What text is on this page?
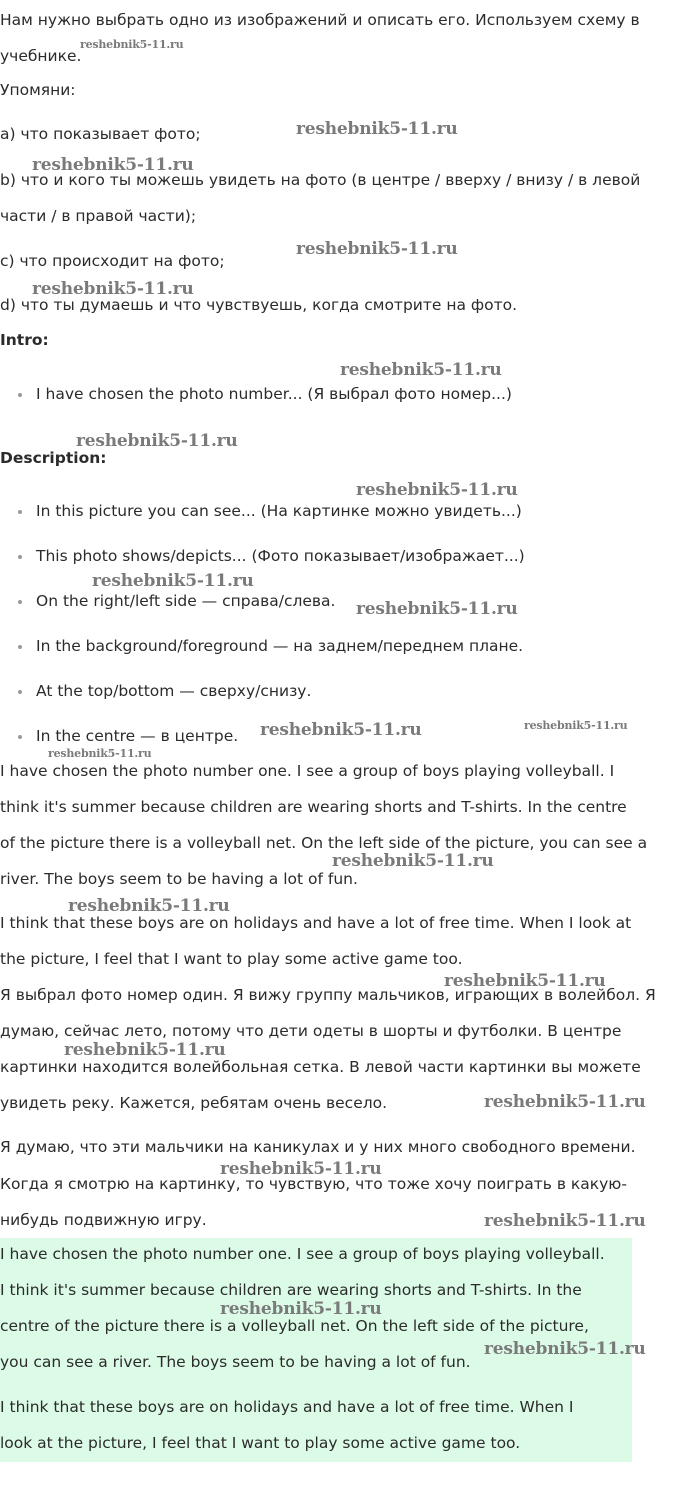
Нам нужно выбрать одно из изображений и описать его. Используем схему в
учебнике.
Упомяни:
a) что показывает фото;
b) что и кого ты можешь увидеть на фото (в центре / вверху / внизу / в левой
части / в правой части);
c) что происходит на фото;
d) что ты думаешь и что чувствуешь, когда смотрите на фото.
Intro:
I have chosen the photo number... (Я выбрал фото номер...)
Description:
In this picture you can see... (На картинке можно увидеть...)
This photo shows/depicts... (Фото показывает/изображает...)
On the right/left side — справа/слева.
In the background/foreground — на заднем/переднем плане.
At the top/bottom — сверху/снизу.
In the centre — в центре.
I have chosen the photo number one. I see a group of boys playing volleyball. I
think it's summer because children are wearing shorts and T-shirts. In the centre
of the picture there is a volleyball net. On the left side of the picture, you can see a
river. The boys seem to be having a lot of fun.
I think that these boys are on holidays and have a lot of free time. When I look at
the picture, I feel that I want to play some active game too.
Я выбрал фото номер один. Я вижу группу мальчиков, играющих в волейбол. Я
думаю, сейчас лето, потому что дети одеты в шорты и футболки. В центре
картинки находится волейбольная сетка. В левой части картинки вы можете
увидеть реку. Кажется, ребятам очень весело.
Я думаю, что эти мальчики на каникулах и у них много свободного времени.
Когда я смотрю на картинку, то чувствую, что тоже хочу поиграть в какую-
нибудь подвижную игру.
I have chosen the photo number one. I see a group of boys playing volleyball.
I think it's summer because children are wearing shorts and T-shirts. In the
centre of the picture there is a volleyball net. On the left side of the picture,
you can see a river. The boys seem to be having a lot of fun.
I think that these boys are on holidays and have a lot of free time. When I
look at the picture, I feel that I want to play some active game too.
reshebnik5-11.ru
reshebnik5-11.ru
reshebnik5-11.ru
reshebnik5-11.ru
reshebnik5-11.ru
reshebnik5-11.ru
reshebnik5-11.ru
reshebnik5-11.ru
reshebnik5-11.ru
reshebnik5-11.ru
reshebnik5-11.ru	reshebnik5-11.ru
reshebnik5-11.ru
reshebnik5-11.ru
reshebnik5-11.ru
reshebnik5-11.ru
reshebnik5-11.ru
reshebnik5-11.ru
reshebnik5-11.ru
reshebnik5-11.ru
reshebnik5-11.ru
reshebnik5-11.ru
